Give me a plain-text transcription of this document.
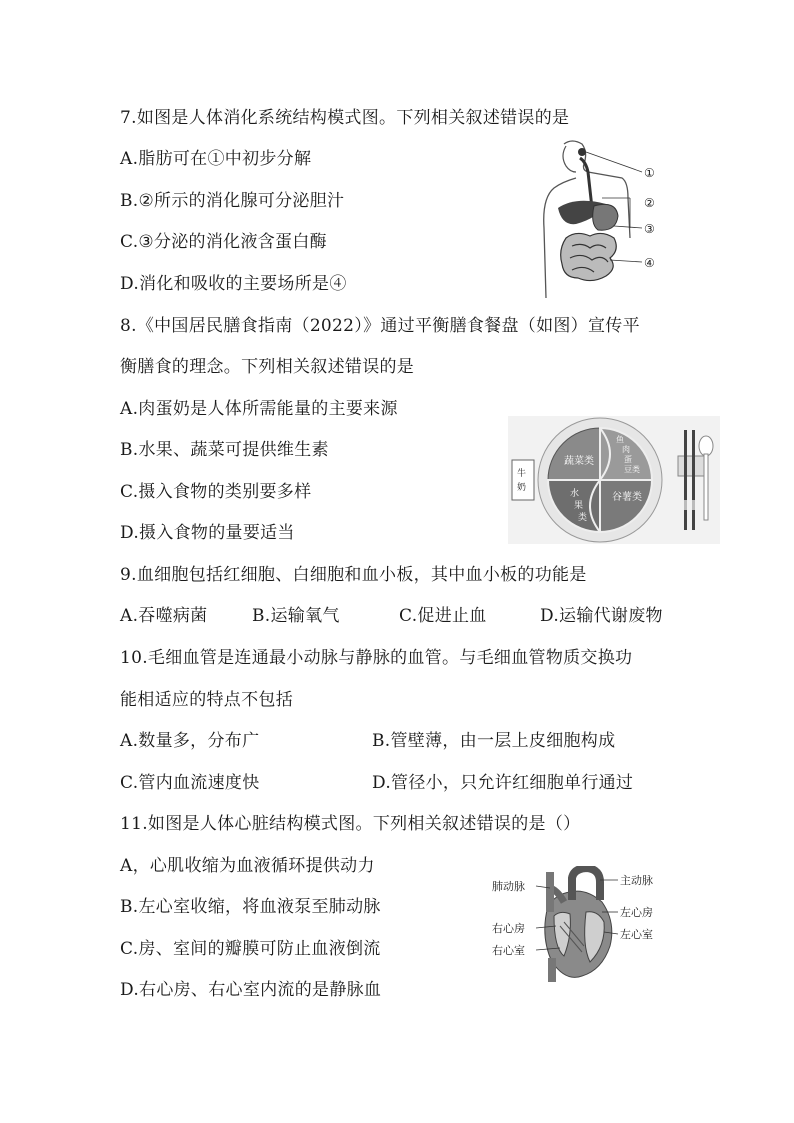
7.如图是人体消化系统结构模式图。下列相关叙述错误的是
A.脂肪可在①中初步分解
B.②所示的消化腺可分泌胆汁
C.③分泌的消化液含蛋白酶
D.消化和吸收的主要场所是④
①
②
③
④
8.《中国居民膳食指南（2022）》通过平衡膳食餐盘（如图）宣传平
衡膳食的理念。下列相关叙述错误的是
A.肉蛋奶是人体所需能量的主要来源
B.水果、蔬菜可提供维生素
C.摄入食物的类别要多样
D.摄入食物的量要适当
牛
奶
蔬菜类
鱼
肉
蛋
豆类
谷薯类
水
果
类
9.血细胞包括红细胞、白细胞和血小板，其中血小板的功能是
A.吞噬病菌	B.运输氧气	C.促进止血	D.运输代谢废物
10.毛细血管是连通最小动脉与静脉的血管。与毛细血管物质交换功
能相适应的特点不包括
A.数量多，分布广	B.管壁薄，由一层上皮细胞构成
C.管内血流速度快	D.管径小，只允许红细胞单行通过
11.如图是人体心脏结构模式图。下列相关叙述错误的是（）
A，心肌收缩为血液循环提供动力
B.左心室收缩，将血液泵至肺动脉
C.房、室间的瓣膜可防止血液倒流
D.右心房、右心室内流的是静脉血
肺动脉	主动脉
左心房
左心室
右心房
右心室
